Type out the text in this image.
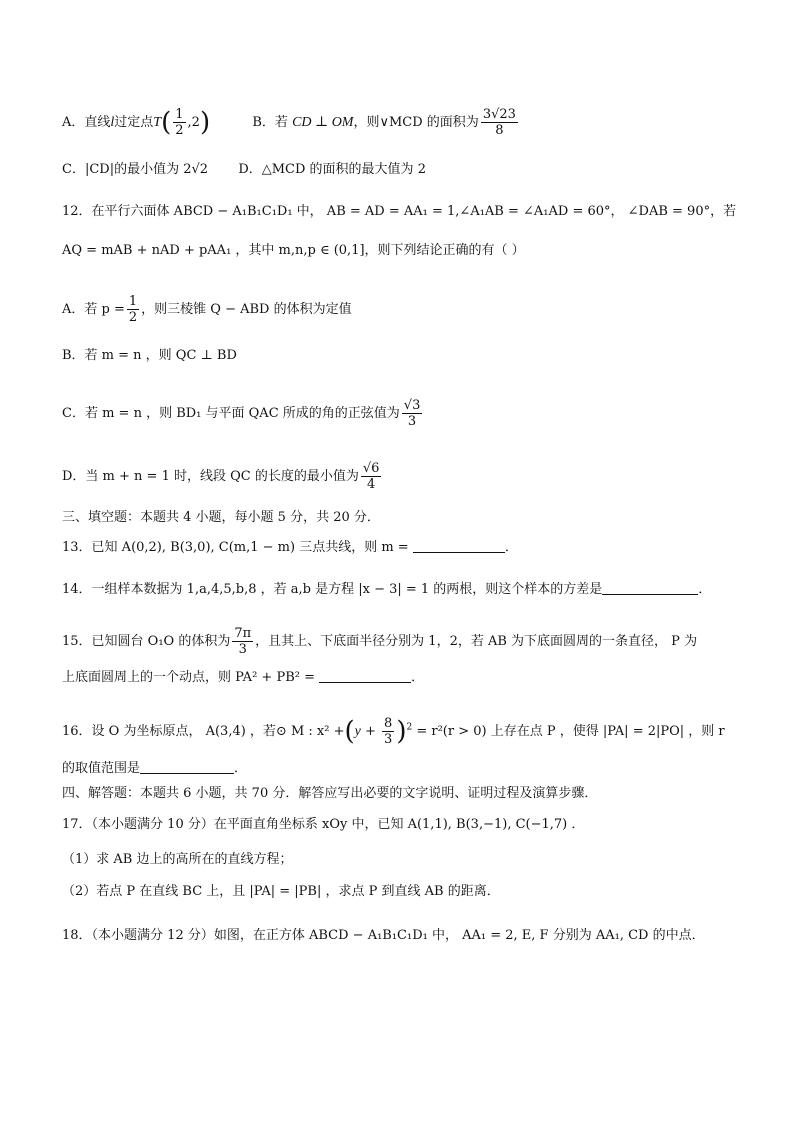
A．直线l过定点$T( \frac{1}{2} ,2)$	B．若 CD ⊥ OM，则∨MCD 的面积为 $\frac{3√23}{8}$
C．|CD|的最小值为 2√2 D．△MCD 的面积的最大值为 2
12．在平行六面体 ABCD − A₁B₁C₁D₁ 中， AB = AD = AA₁ = 1,∠A₁AB = ∠A₁AD = 60°， ∠DAB = 90°，若
AQ = mAB + nAD + pAA₁ ，其中 m,n,p ∈ (0,1]，则下列结论正确的有（ ）
A．若 $p = \frac{1}{2}$ ，则三棱锥 Q − ABD 的体积为定值
B．若 m = n ，则 QC ⊥ BD
C．若 m = n ，则 BD₁ 与平面 QAC 所成的角的正弦值为 $\frac{√3}{3}$
D．当 m + n = 1 时，线段 QC 的长度的最小值为 $\frac{√6}{4}$
三、填空题：本题共 4 小题，每小题 5 分，共 20 分．
13．已知 A(0,2), B(3,0), C(m,1 − m) 三点共线，则 m =	．
14．一组样本数据为 1,a,4,5,b,8 ，若 a,b 是方程 |x − 3| = 1 的两根，则这个样本的方差是	．
15．已知圆台 O₁O 的体积为 $\frac{7\pi}{3}$ ，且其上、下底面半径分别为 1，2，若 AB 为下底面圆周的一条直径， P 为
上底面圆周上的一个动点，则 PA² + PB² =	．
16．设 O 为坐标原点， A(3,4) ，若⊙ M : $x^2 +(y + \frac{8}{3} )^2 = r^2(r > 0)$ 上存在点 P ，使得 |PA| = 2|PO| ，则 r
的取值范围是	．
四、解答题：本题共 6 小题，共 70 分．解答应写出必要的文字说明、证明过程及演算步骤．
17．（本小题满分 10 分）在平面直角坐标系 xOy 中，已知 A(1,1), B(3,−1), C(−1,7) ．
（1）求 AB 边上的高所在的直线方程；
（2）若点 P 在直线 BC 上，且 |PA| = |PB| ，求点 P 到直线 AB 的距离．
18．（本小题满分 12 分）如图，在正方体 ABCD − A₁B₁C₁D₁ 中， AA₁ = 2, E, F 分别为 AA₁, CD 的中点．
